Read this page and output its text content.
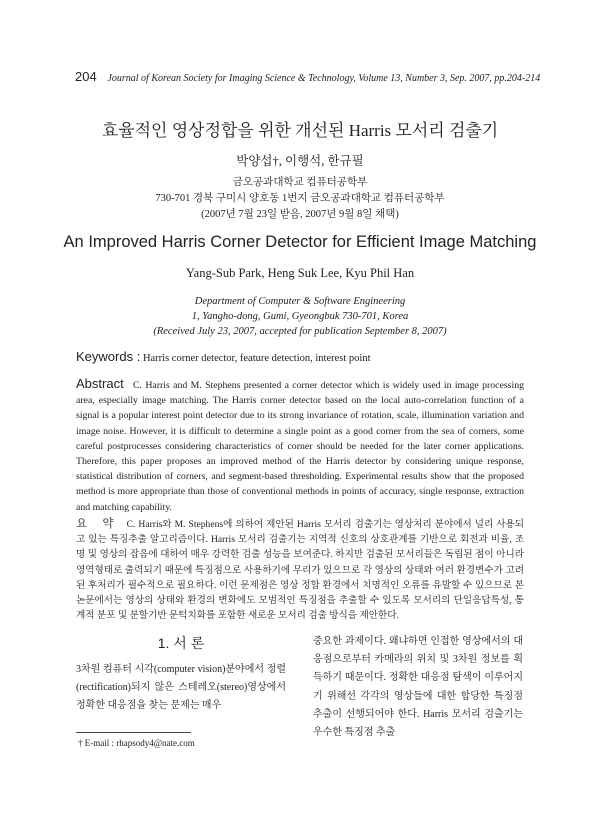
204 Journal of Korean Society for Imaging Science & Technology, Volume 13, Number 3, Sep. 2007, pp.204-214
효율적인 영상정합을 위한 개선된 Harris 모서리 검출기
박양섭†, 이행석, 한규필
금오공과대학교 컴퓨터공학부
730-701 경북 구미시 양호동 1번지 금오공과대학교 컴퓨터공학부
(2007년 7월 23일 받음, 2007년 9월 8일 채택)
An Improved Harris Corner Detector for Efficient Image Matching
Yang-Sub Park, Heng Suk Lee, Kyu Phil Han
Department of Computer & Software Engineering
1, Yangho-dong, Gumi, Gyeongbuk 730-701, Korea
(Received July 23, 2007, accepted for publication September 8, 2007)
Keywords : Harris corner detector, feature detection, interest point
Abstract C. Harris and M. Stephens presented a corner detector which is widely used in image processing area, especially image matching. The Harris corner detector based on the local auto-correlation function of a signal is a popular interest point detector due to its strong invariance of rotation, scale, illumination variation and image noise. However, it is difficult to determine a single point as a good corner from the sea of corners, some careful postprocesses considering characteristics of corner should be needed for the later corner applications. Therefore, this paper proposes an improved method of the Harris detector by considering unique response, statistical distribution of corners, and segment-based thresholding. Experimental results show that the proposed method is more appropriate than those of conventional methods in points of accuracy, single response, extraction and matching capability.
요 약 C. Harris와 M. Stephens에 의하여 제안된 Harris 모서리 검출기는 영상처리 분야에서 널리 사용되고 있는 특징추출 알고리즘이다. Harris 모서리 검출기는 지역적 신호의 상호관계를 기반으로 회전과 비율, 조명 및 영상의 잡음에 대하여 매우 강력한 검출 성능을 보여준다. 하지만 검출된 모서리들은 독립된 점이 아니라 영역형태로 출력되기 때문에 특징점으로 사용하기에 무리가 있으므로 각 영상의 상태와 여러 환경변수가 고려된 후처리가 필수적으로 필요하다. 이런 문제점은 영상 정합 환경에서 치명적인 오류를 유발할 수 있으므로 본 논문에서는 영상의 상태와 환경의 변화에도 모범적인 특징점을 추출할 수 있도록 모서리의 단일응답특성, 통계적 분포 및 분할기반 문턱치화를 포함한 새로운 모서리 검출 방식을 제안한다.
1. 서 론
3차원 컴퓨터 시각(computer vision)분야에서 정렬(rectification)되지 않은 스테레오(stereo)영상에서 정확한 대응점을 찾는 문제는 매우
중요한 과제이다. 왜냐하면 인접한 영상에서의 대응점으로부터 카메라의 위치 및 3차원 정보를 획득하기 때문이다. 정확한 대응점 탐색이 이루어지기 위해선 각각의 영상들에 대한 합당한 특징점 추출이 선행되어야 한다. Harris 모서리 검출기는 우수한 특징점 추출
† E-mail : rhapsody4@nate.com
